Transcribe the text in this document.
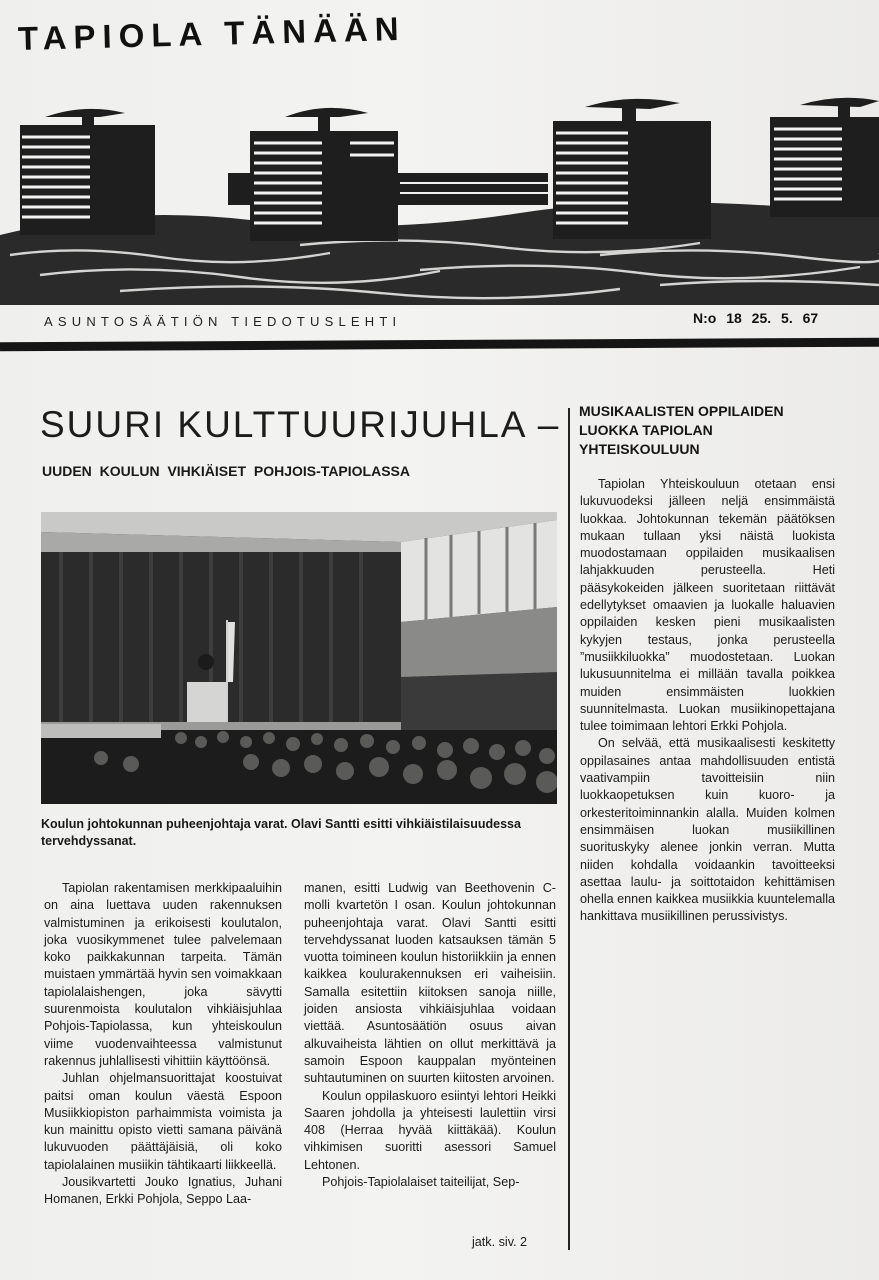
TAPIOLA TÄNÄÄN
ASUNTOSÄÄTIÖN TIEDOTUSLEHTI	N:o 18 25. 5. 67
SUURI KULTTUURIJUHLA –
UUDEN KOULUN VIHKIÄISET POHJOIS-TAPIOLASSA
Koulun johtokunnan puheenjohtaja varat. Olavi Santti esitti vihkiäistilaisuudessa tervehdyssanat.

Tapiolan rakentamisen merkkipaaluihin on aina luettava uuden rakennuksen valmistuminen ja erikoisesti koulutalon, joka vuosikymmenet tulee palvelemaan koko paikkakunnan tarpeita. Tämän muistaen ymmärtää hyvin sen voimakkaan tapiolalaishengen, joka sävytti suurenmoista koulutalon vihkiäisjuhlaa Pohjois-Tapiolassa, kun yhteiskoulun viime vuodenvaihteessa valmistunut rakennus juhlallisesti vihittiin käyttöönsä.

Juhlan ohjelmansuorittajat koostuivat paitsi oman koulun väestä Espoon Musiikkiopiston parhaimmista voimista ja kun mainittu opisto vietti samana päivänä lukuvuoden päättäjäisiä, oli koko tapiolalainen musiikin tähtikaarti liikkeellä.

Jousikvartetti Jouko Ignatius, Juhani Homanen, Erkki Pohjola, Seppo Laa-

manen, esitti Ludwig van Beethovenin C-molli kvartetön I osan. Koulun johtokunnan puheenjohtaja varat. Olavi Santti esitti tervehdyssanat luoden katsauksen tämän 5 vuotta toimineen koulun historiikkiin ja ennen kaikkea koulurakennuksen eri vaiheisiin. Samalla esitettiin kiitoksen sanoja niille, joiden ansiosta vihkiäisjuhlaa voidaan viettää. Asuntosäätiön osuus aivan alkuvaiheista lähtien on ollut merkittävä ja samoin Espoon kauppalan myönteinen suhtautuminen on suurten kiitosten arvoinen.

Koulun oppilaskuoro esiintyi lehtori Heikki Saaren johdolla ja yhteisesti laulettiin virsi 408 (Herraa hyvää kiittäkää). Koulun vihkimisen suoritti asessori Samuel Lehtonen.

Pohjois-Tapiolalaiset taiteilijat, Sep-

jatk. siv. 2
MUSIKAALISTEN OPPILAIDEN LUOKKA TAPIOLAN YHTEISKOULUUN

Tapiolan Yhteiskouluun otetaan ensi lukuvuodeksi jälleen neljä ensimmäistä luokkaa. Johtokunnan tekemän päätöksen mukaan tullaan yksi näistä luokista muodostamaan oppilaiden musikaalisen lahjakkuuden perusteella. Heti pääsykokeiden jälkeen suoritetaan riittävät edellytykset omaavien ja luokalle haluavien oppilaiden kesken pieni musikaalisten kykyjen testaus, jonka perusteella ”musiikkiluokka” muodostetaan. Luokan lukusuunnitelma ei millään tavalla poikkea muiden ensimmäisten luokkien suunnitelmasta. Luokan musiikinopettajana tulee toimimaan lehtori Erkki Pohjola.

On selvää, että musikaalisesti keskitetty oppilasaines antaa mahdollisuuden entistä vaativampiin tavoitteisiin niin luokkaopetuksen kuin kuoro- ja orkesteritoiminnankin alalla. Muiden kolmen ensimmäisen luokan musiikillinen suorituskyky alenee jonkin verran. Mutta niiden kohdalla voidaankin tavoitteeksi asettaa laulu- ja soittotaidon kehittämisen ohella ennen kaikkea musiikkia kuuntelemalla hankittava musiikillinen perussivistys.
